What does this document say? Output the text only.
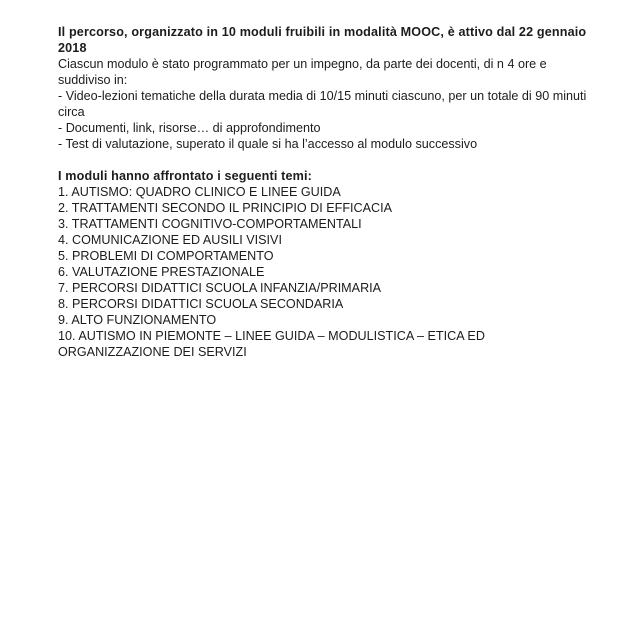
Il percorso, organizzato in 10 moduli fruibili in modalità MOOC, è attivo dal 22 gennaio
2018
Ciascun modulo è stato programmato per un impegno, da parte dei docenti, di n 4 ore e
suddiviso in:
- Video-lezioni tematiche della durata media di 10/15 minuti ciascuno, per un totale di 90 minuti
circa
- Documenti, link, risorse… di approfondimento
- Test di valutazione, superato il quale si ha l’accesso al modulo successivo
I moduli hanno affrontato i seguenti temi:
1. AUTISMO: QUADRO CLINICO E LINEE GUIDA
2. TRATTAMENTI SECONDO IL PRINCIPIO DI EFFICACIA
3. TRATTAMENTI COGNITIVO-COMPORTAMENTALI
4. COMUNICAZIONE ED AUSILI VISIVI
5. PROBLEMI DI COMPORTAMENTO
6. VALUTAZIONE PRESTAZIONALE
7. PERCORSI DIDATTICI SCUOLA INFANZIA/PRIMARIA
8. PERCORSI DIDATTICI SCUOLA SECONDARIA
9. ALTO FUNZIONAMENTO
10. AUTISMO IN PIEMONTE – LINEE GUIDA – MODULISTICA – ETICA ED
ORGANIZZAZIONE DEI SERVIZI
